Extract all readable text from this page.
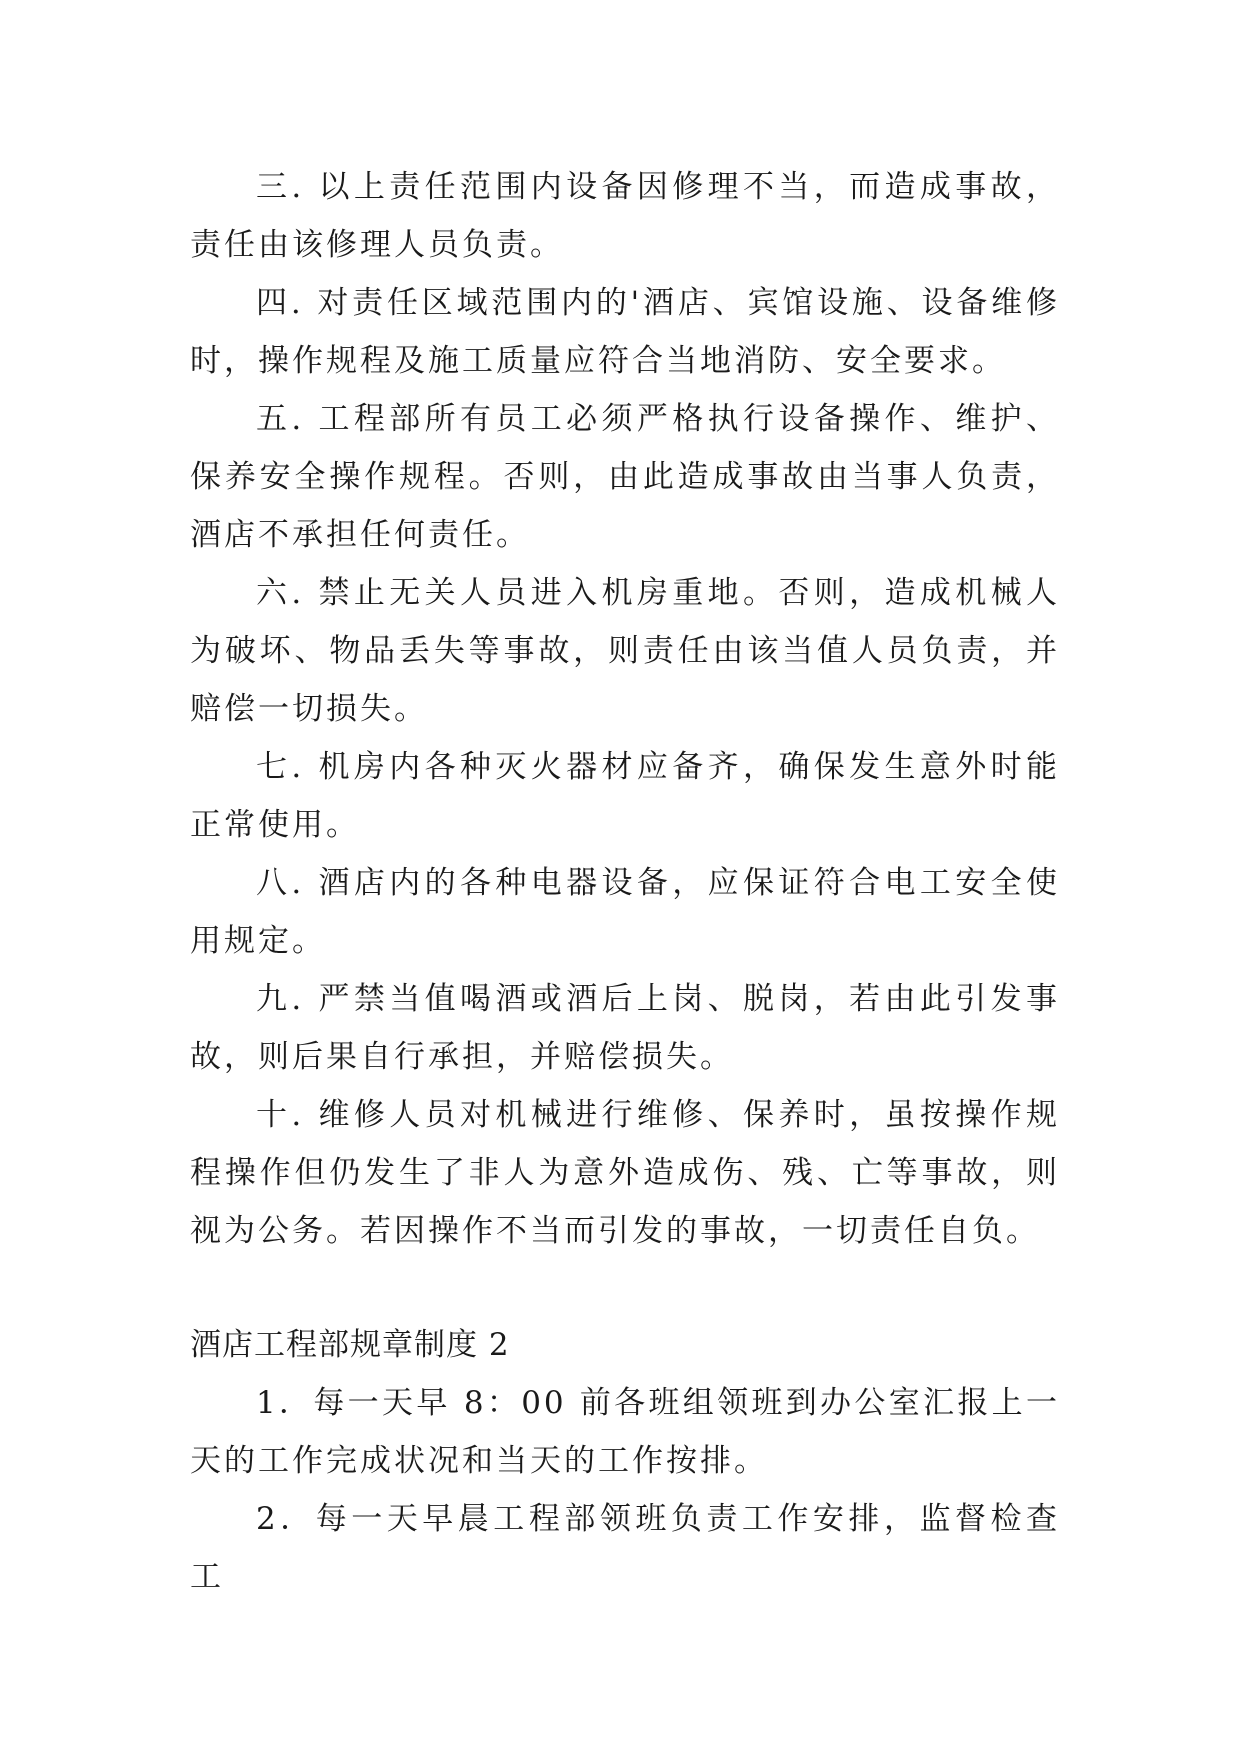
三. 以上责任范围内设备因修理不当，而造成事故，责任由该修理人员负责。

四. 对责任区域范围内的'酒店、宾馆设施、设备维修时，操作规程及施工质量应符合当地消防、安全要求。

五. 工程部所有员工必须严格执行设备操作、维护、保养安全操作规程。否则，由此造成事故由当事人负责，酒店不承担任何责任。

六. 禁止无关人员进入机房重地。否则，造成机械人为破坏、物品丢失等事故，则责任由该当值人员负责，并赔偿一切损失。

七. 机房内各种灭火器材应备齐，确保发生意外时能正常使用。

八. 酒店内的各种电器设备，应保证符合电工安全使用规定。

九. 严禁当值喝酒或酒后上岗、脱岗，若由此引发事故，则后果自行承担，并赔偿损失。

十. 维修人员对机械进行维修、保养时，虽按操作规程操作但仍发生了非人为意外造成伤、残、亡等事故，则视为公务。若因操作不当而引发的事故，一切责任自负。

酒店工程部规章制度 2

1．每一天早 8：00 前各班组领班到办公室汇报上一天的工作完成状况和当天的工作按排。

2．每一天早晨工程部领班负责工作安排，监督检查工
